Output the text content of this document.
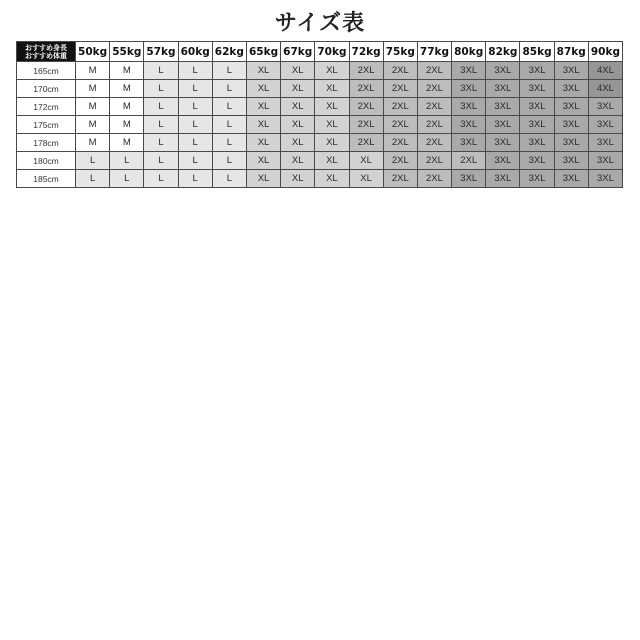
サイズ表
おすすめ身長
おすすめ体重	50kg	55kg	57kg	60kg	62kg	65kg	67kg	70kg	72kg	75kg	77kg	80kg	82kg	85kg	87kg	90kg
165cm	M	M	L	L	L	XL	XL	XL	2XL	2XL	2XL	3XL	3XL	3XL	3XL	4XL
170cm	M	M	L	L	L	XL	XL	XL	2XL	2XL	2XL	3XL	3XL	3XL	3XL	4XL
172cm	M	M	L	L	L	XL	XL	XL	2XL	2XL	2XL	3XL	3XL	3XL	3XL	3XL
175cm	M	M	L	L	L	XL	XL	XL	2XL	2XL	2XL	3XL	3XL	3XL	3XL	3XL
178cm	M	M	L	L	L	XL	XL	XL	2XL	2XL	2XL	3XL	3XL	3XL	3XL	3XL
180cm	L	L	L	L	L	XL	XL	XL	XL	2XL	2XL	2XL	3XL	3XL	3XL	3XL
185cm	L	L	L	L	L	XL	XL	XL	XL	2XL	2XL	3XL	3XL	3XL	3XL	3XL
